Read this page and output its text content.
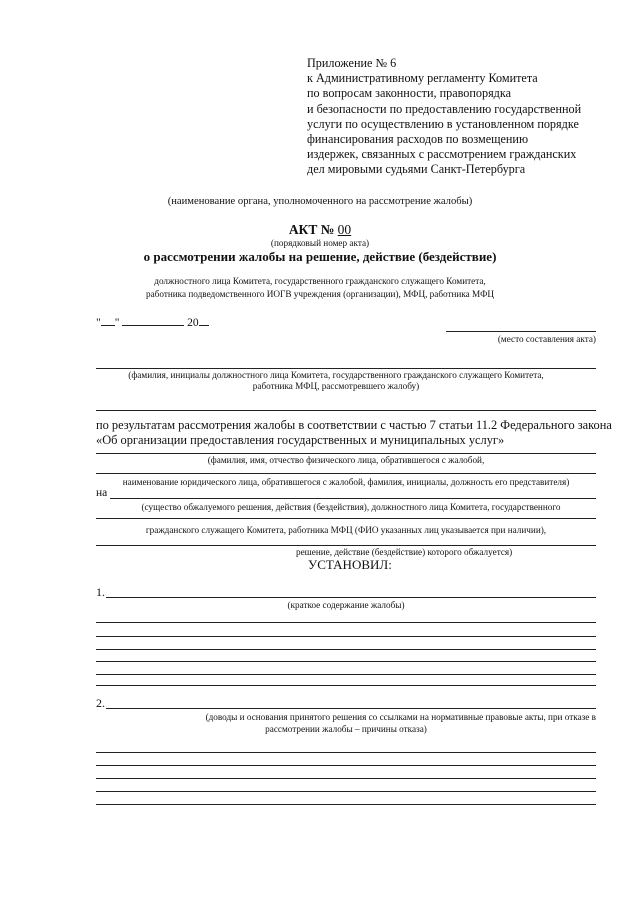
Приложение № 6
к Административному регламенту Комитета
по вопросам законности, правопорядка
и безопасности по предоставлению государственной
услуги по осуществлению в установленном порядке
финансирования расходов по возмещению
издержек, связанных с рассмотрением гражданских
дел мировыми судьями Санкт-Петербурга
(наименование органа, уполномоченного на рассмотрение жалобы)
АКТ № 00
(порядковый номер акта)
о рассмотрении жалобы на решение, действие (бездействие)
должностного лица Комитета, государственного гражданского служащего Комитета,
работника подведомственного ИОГВ учреждения (организации), МФЦ, работника МФЦ
" "	20
(место составления акта)
(фамилия, инициалы должностного лица Комитета, государственного гражданского служащего Комитета,
работника МФЦ, рассмотревшего жалобу)
по результатам рассмотрения жалобы в соответствии с частью 7 статьи 11.2 Федерального закона
«Об организации предоставления государственных и муниципальных услуг»
(фамилия, имя, отчество физического лица, обратившегося с жалобой,
наименование юридического лица, обратившегося с жалобой, фамилия, инициалы, должность его представителя)
на
(существо обжалуемого решения, действия (бездействия), должностного лица Комитета, государственного
гражданского служащего Комитета, работника МФЦ (ФИО указанных лиц указывается при наличии),
решение, действие (бездействие) которого обжалуется)
УСТАНОВИЛ:
1.
(краткое содержание жалобы)
2.
(доводы и основания принятого решения со ссылками на нормативные правовые акты, при отказе в
рассмотрении жалобы – причины отказа)
